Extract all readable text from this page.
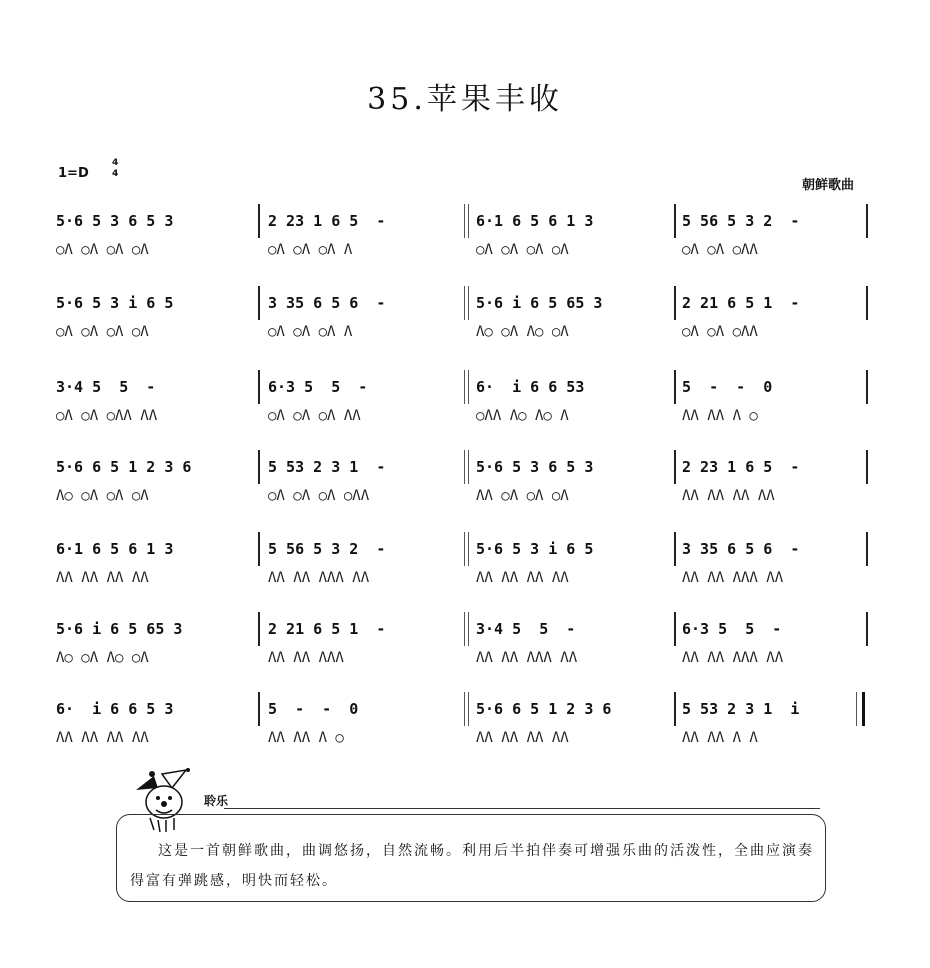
35.苹果丰收
1=D
4
4
朝鲜歌曲
5·6 5 3 6 5 3	2 23 1 6 5  -	6·1 6 5 6 1 3	5 56 5 3 2  -
○Λ ○Λ ○Λ ○Λ	○Λ ○Λ ○Λ Λ	○Λ ○Λ ○Λ ○Λ	○Λ ○Λ ○ΛΛ
5·6 5 3 i 6 5	3 35 6 5 6  -	5·6 i 6 5 65 3	2 21 6 5 1  -
○Λ ○Λ ○Λ ○Λ	○Λ ○Λ ○Λ Λ	Λ○ ○Λ Λ○ ○Λ	○Λ ○Λ ○ΛΛ
3·4 5  5  -	6·3 5  5  -	6·  i 6 6 53	5  -  -  0
○Λ ○Λ ○ΛΛ ΛΛ	○Λ ○Λ ○Λ ΛΛ	○ΛΛ Λ○ Λ○ Λ	ΛΛ ΛΛ Λ ○
5·6 6 5 1 2 3 6	5 53 2 3 1  -	5·6 5 3 6 5 3	2 23 1 6 5  -
Λ○ ○Λ ○Λ ○Λ	○Λ ○Λ ○Λ ○ΛΛ	ΛΛ ○Λ ○Λ ○Λ	ΛΛ ΛΛ ΛΛ ΛΛ
6·1 6 5 6 1 3	5 56 5 3 2  -	5·6 5 3 i 6 5	3 35 6 5 6  -
ΛΛ ΛΛ ΛΛ ΛΛ	ΛΛ ΛΛ ΛΛΛ ΛΛ	ΛΛ ΛΛ ΛΛ ΛΛ	ΛΛ ΛΛ ΛΛΛ ΛΛ
5·6 i 6 5 65 3	2 21 6 5 1  -	3·4 5  5  -	6·3 5  5  -
Λ○ ○Λ Λ○ ○Λ	ΛΛ ΛΛ ΛΛΛ	ΛΛ ΛΛ ΛΛΛ ΛΛ	ΛΛ ΛΛ ΛΛΛ ΛΛ
6·  i 6 6 5 3	5  -  -  0	5·6 6 5 1 2 3 6	5 53 2 3 1  i
ΛΛ ΛΛ ΛΛ ΛΛ	ΛΛ ΛΛ Λ ○	ΛΛ ΛΛ ΛΛ ΛΛ	ΛΛ ΛΛ Λ Λ
聆乐
这是一首朝鲜歌曲，曲调悠扬，自然流畅。利用后半拍伴奏可增强乐曲的活泼性，全曲应演奏得富有弹跳感，明快而轻松。
